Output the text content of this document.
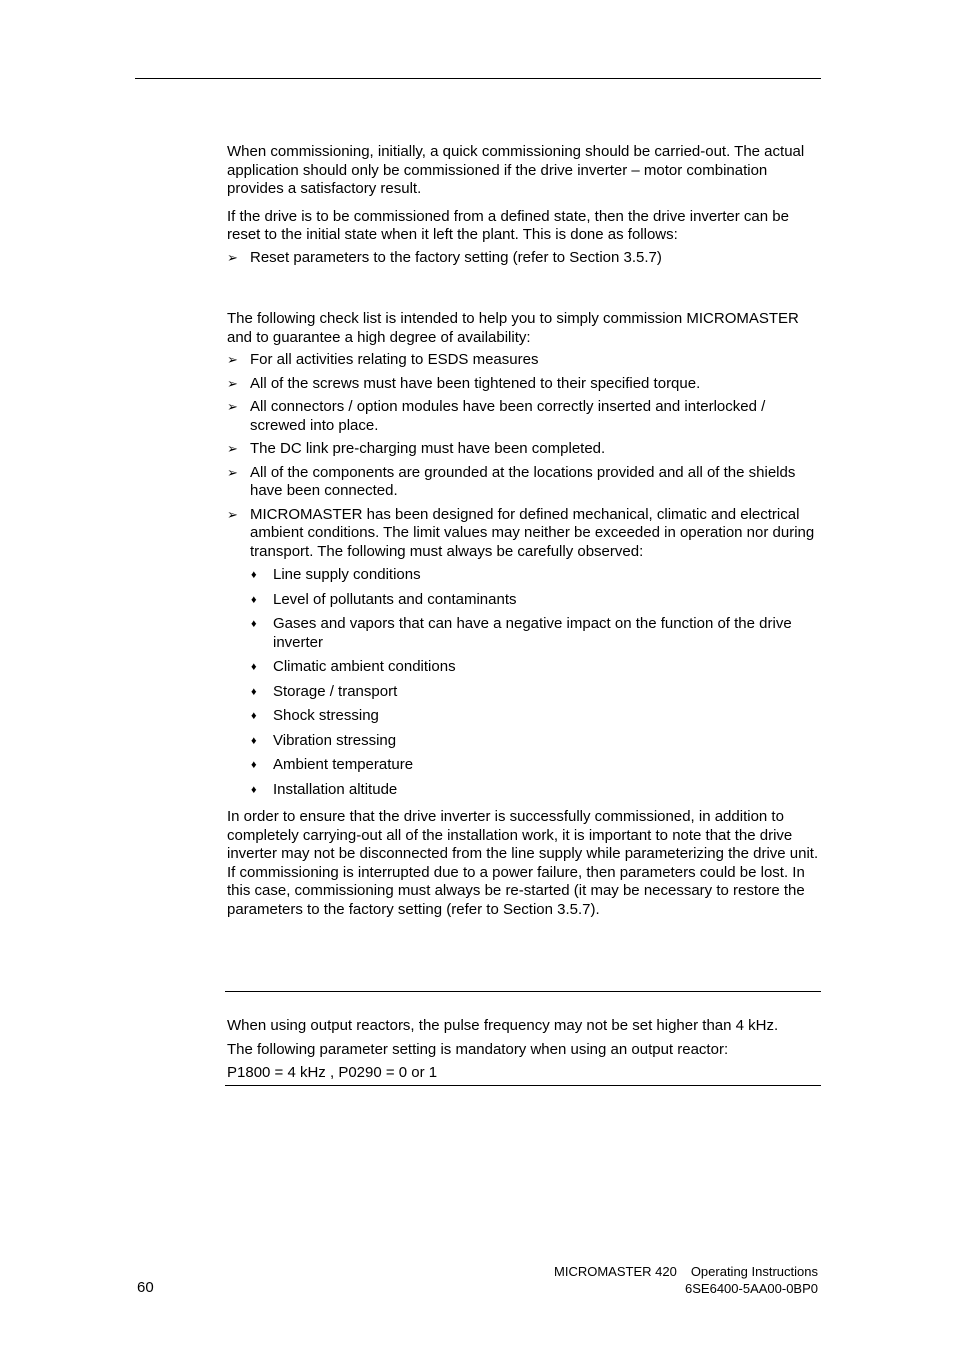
When commissioning, initially, a quick commissioning should be carried-out. The actual application should only be commissioned if the drive inverter – motor combination provides a satisfactory result.

If the drive is to be commissioned from a defined state, then the drive inverter can be reset to the initial state when it left the plant. This is done as follows:

➢ Reset parameters to the factory setting (refer to Section 3.5.7)

The following check list is intended to help you to simply commission MICROMASTER and to guarantee a high degree of availability:

➢ For all activities relating to ESDS measures
➢ All of the screws must have been tightened to their specified torque.
➢ All connectors / option modules have been correctly inserted and interlocked / screwed into place.
➢ The DC link pre-charging must have been completed.
➢ All of the components are grounded at the locations provided and all of the shields have been connected.
➢ MICROMASTER has been designed for defined mechanical, climatic and electrical ambient conditions. The limit values may neither be exceeded in operation nor during transport. The following must always be carefully observed:
♦ Line supply conditions
♦ Level of pollutants and contaminants
♦ Gases and vapors that can have a negative impact on the function of the drive inverter
♦ Climatic ambient conditions
♦ Storage / transport
♦ Shock stressing
♦ Vibration stressing
♦ Ambient temperature
♦ Installation altitude

In order to ensure that the drive inverter is successfully commissioned, in addition to completely carrying-out all of the installation work, it is important to note that the drive inverter may not be disconnected from the line supply while parameterizing the drive unit. If commissioning is interrupted due to a power failure, then parameters could be lost. In this case, commissioning must always be re-started (it may be necessary to restore the parameters to the factory setting (refer to Section 3.5.7).

When using output reactors, the pulse frequency may not be set higher than 4 kHz.

The following parameter setting is mandatory when using an output reactor:

P1800 = 4 kHz , P0290 = 0 or 1

60
MICROMASTER 420 Operating Instructions
6SE6400-5AA00-0BP0
